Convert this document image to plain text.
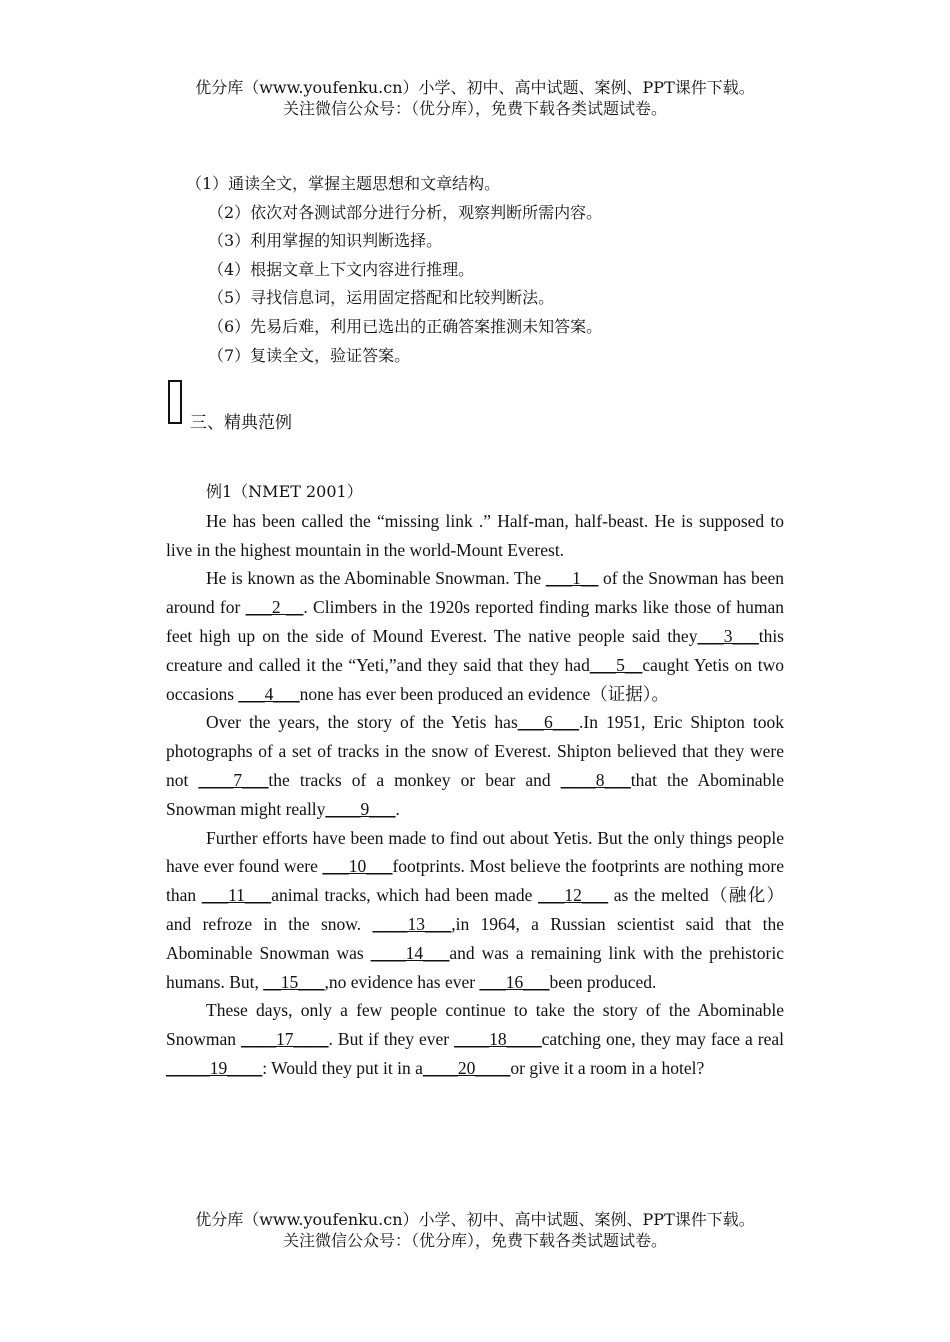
优分库（www.youfenku.cn）小学、初中、高中试题、案例、PPT课件下载。
关注微信公众号：（优分库），免费下载各类试题试卷。
（1）通读全文，掌握主题思想和文章结构。
（2）依次对各测试部分进行分析，观察判断所需内容。
（3）利用掌握的知识判断选择。
（4）根据文章上下文内容进行推理。
（5）寻找信息词，运用固定搭配和比较判断法。
（6）先易后难，利用已选出的正确答案推测未知答案。
（7）复读全文，验证答案。
三、精典范例

例1（NMET 2001）

He has been called the “missing link .” Half-man, half-beast. He is supposed to live in the highest mountain in the world-Mount Everest.

He is known as the Abominable Snowman. The ___1__ of the Snowman has been around for ___2 __. Climbers in the 1920s reported finding marks like those of human feet high up on the side of Mound Everest. The native people said they___3___this creature and called it the “Yeti,”and they said that they had___5__caught Yetis on two occasions ___4___none has ever been produced an evidence（证据）。

Over the years, the story of the Yetis has___6___.In 1951, Eric Shipton took photographs of a set of tracks in the snow of Everest. Shipton believed that they were not ____7___the tracks of a monkey or bear and ____8___that the Abominable Snowman might really____9___.

Further efforts have been made to find out about Yetis. But the only things people have ever found were ___10___footprints. Most believe the footprints are nothing more than ___11___animal tracks, which had been made ___12___ as the melted（融化）and refroze in the snow. ____13___,in 1964, a Russian scientist said that the Abominable Snowman was ____14___and was a remaining link with the prehistoric humans. But, __15___,no evidence has ever ___16___been produced.

These days, only a few people continue to take the story of the Abominable Snowman ____17____. But if they ever ____18____catching one, they may face a real _____19____: Would they put it in a____20____or give it a room in a hotel?

优分库（www.youfenku.cn）小学、初中、高中试题、案例、PPT课件下载。
关注微信公众号：（优分库），免费下载各类试题试卷。
